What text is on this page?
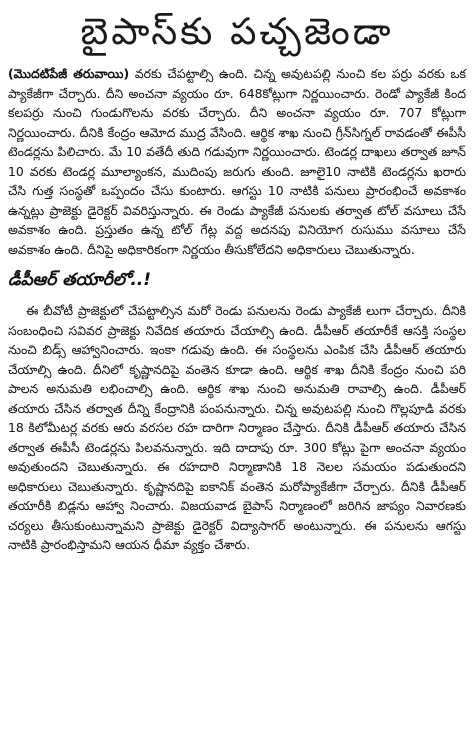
బైపాస్‌కు పచ్చజెండా

(మొదటిపేజీ తరువాయి) వరకు చేపట్టాల్సి ఉంది. చిన్న అవుటపల్లి నుంచి కల పర్రు వరకు ఒక ప్యాకేజీగా చేర్చారు. దీని అంచనా వ్యయం రూ. 648కోట్లుగా నిర్ణయించారు. రెండో ప్యాకేజీ కింద కలపర్రు నుంచి గుండుగొలను వరకు చేర్చారు. దీని అంచనా వ్యయం రూ. 707 కోట్లుగా నిర్ణయించారు. దీనికి కేంద్రం ఆమోద ముద్ర వేసింది. ఆర్థిక శాఖ నుంచి గ్రీన్‌సిగ్నల్ రావడంతో ఈపీసీ టెండర్లను పిలిచారు. మే 10 వతేదీ తుది గడువుగా నిర్ణయించారు. టెండర్ల దాఖలు తర్వాత జూన్ 10 వరకు టెండర్ల మూల్యాంకన, ముదింపు జరుగు తుంది. జూలై10 నాటికి టెండర్లను ఖరారు చేసి గుత్త సంస్థతో ఒప్పందం చేసు కుంటారు. ఆగస్టు 10 నాటికి పనులు ప్రారంభించే అవకాశం ఉన్నట్లు ప్రాజెక్టు డైరెక్టర్ వివరిస్తున్నారు. ఈ రెండు ప్యాకేజీ పనులకు తర్వాత టోల్ వసూలు చేసే అవకాశం ఉంది. ప్రస్తుతం ఉన్న టోల్ గేట్ల వద్ద అదనపు వినియోగ రుసుము వసూలు చేసే అవకాశం ఉంది. దీనిపై అధికారికంగా నిర్ణయం తీసుకోలేదని అధికారులు చెబుతున్నారు.

డీపీఆర్ తయారీలో..!

ఈ బీవోటీ ప్రాజెక్టులో చేపట్టాల్సిన మరో రెండు పనులను రెండు ప్యాకేజీ లుగా చేర్చారు. దీనికి సంబంధించి సవివర ప్రాజెక్టు నివేదిక తయారు చేయాల్సి ఉంది. డీపీఆర్ తయారీకే ఆసక్తి సంస్థల నుంచి బిడ్స్ ఆహ్వానించారు. ఇంకా గడువు ఉంది. ఈ సంస్థలను ఎంపిక చేసి డీపీఆర్ తయారు చేయాల్సి ఉంది. దీనిలో కృష్ణానదిపై వంతెన కూడా ఉంది. ఆర్థిక శాఖ దీనికి కేంద్రం నుంచి పరి పాలన అనుమతి లభించాల్సి ఉంది. ఆర్థిక శాఖ నుంచి అనుమతి రావాల్సి ఉంది. డీపీఆర్ తయారు చేసిన తర్వాత దీన్ని కేంద్రానికి పంపనున్నారు. చిన్న అవుటపల్లి నుంచి గొల్లపూడి వరకు 18 కిలోమీటర్ల వరకు ఆరు వరసల రహ దారిగా నిర్మాణం చేస్తారు. దీనికి డీపీఆర్ తయారు చేసిన తర్వాత ఈపీసీ టెండర్లను పిలవనున్నారు. ఇది దాదాపు రూ. 300 కోట్లు పైగా అంచనా వ్యయం అవుతుందని చెబుతున్నారు. ఈ రహదారి నిర్మాణానికి 18 నెలల సమయం పడుతుందని అధికారులు చెబుతున్నారు. కృష్ణానదిపై ఐకానిక్ వంతెన మరోప్యాకేజీగా చేర్చారు. దీనికి డీపీఆర్ తయారీకి బిడ్లను ఆహ్వా నించారు. విజయవాడ బైపాస్ నిర్మాణంలో జరిగిన జాప్యం నివారణకు చర్యలు తీసుకుంటున్నామని ప్రాజెక్టు డైరెక్టర్ విద్యాసాగర్ అంటున్నారు. ఈ పనులను ఆగస్టు నాటికి ప్రారంభిస్తామని ఆయన ధీమా వ్యక్తం చేశారు.
